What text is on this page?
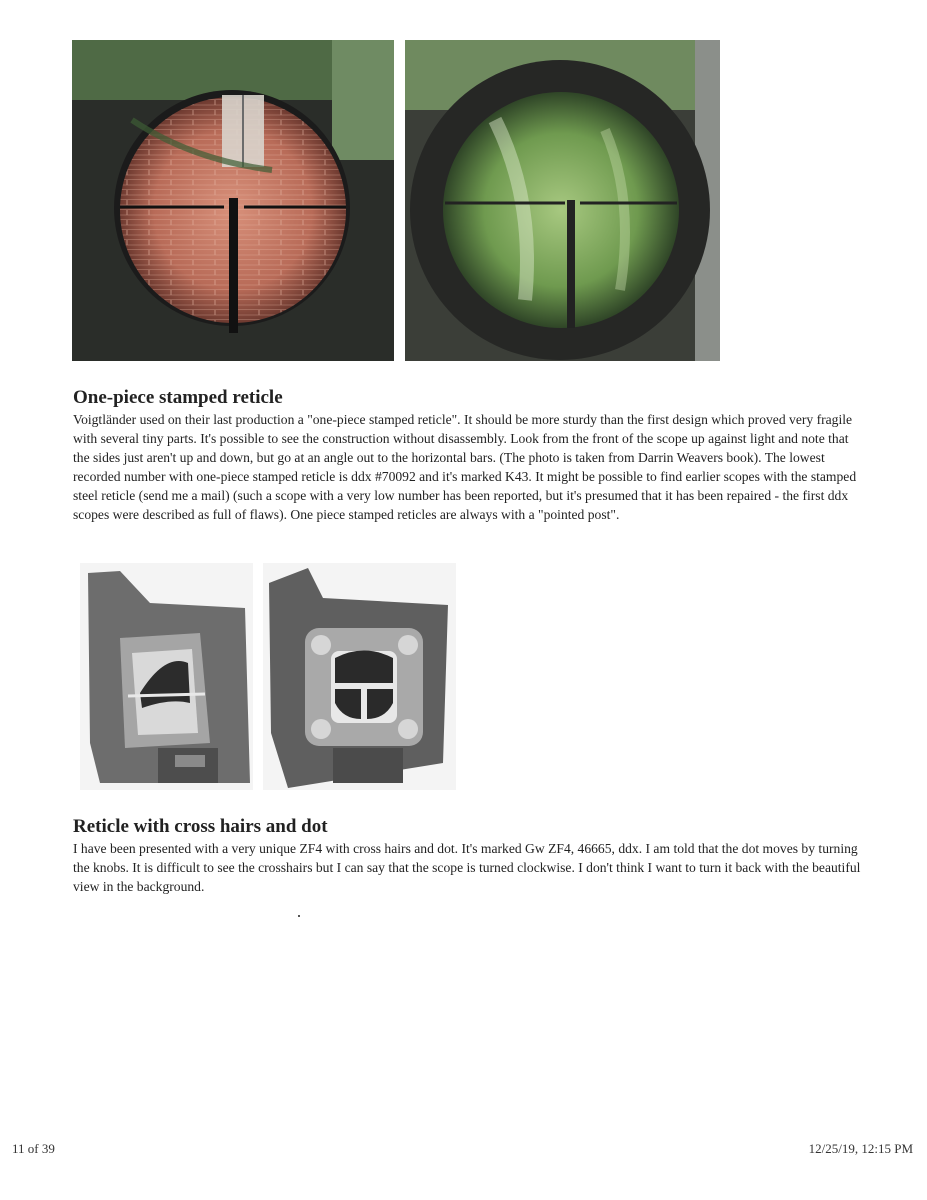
One-piece stamped reticle

Voigtländer used on their last production a "one-piece stamped reticle". It should be more sturdy than the first design which proved very fragile with several tiny parts. It's possible to see the construction without disassembly. Look from the front of the scope up against light and note that the sides just aren't up and down, but go at an angle out to the horizontal bars. (The photo is taken from Darrin Weavers book). The lowest recorded number with one-piece stamped reticle is ddx #70092 and it's marked K43. It might be possible to find earlier scopes with the stamped steel reticle (send me a mail) (such a scope with a very low number has been reported, but it's presumed that it has been repaired - the first ddx scopes were described as full of flaws). One piece stamped reticles are always with a "pointed post".

Reticle with cross hairs and dot

I have been presented with a very unique ZF4 with cross hairs and dot. It's marked Gw ZF4, 46665, ddx. I am told that the dot moves by turning the knobs. It is difficult to see the crosshairs but I can say that the scope is turned clockwise. I don't think I want to turn it back with the beautiful view in the background.

11 of 39	12/25/19, 12:15 PM
